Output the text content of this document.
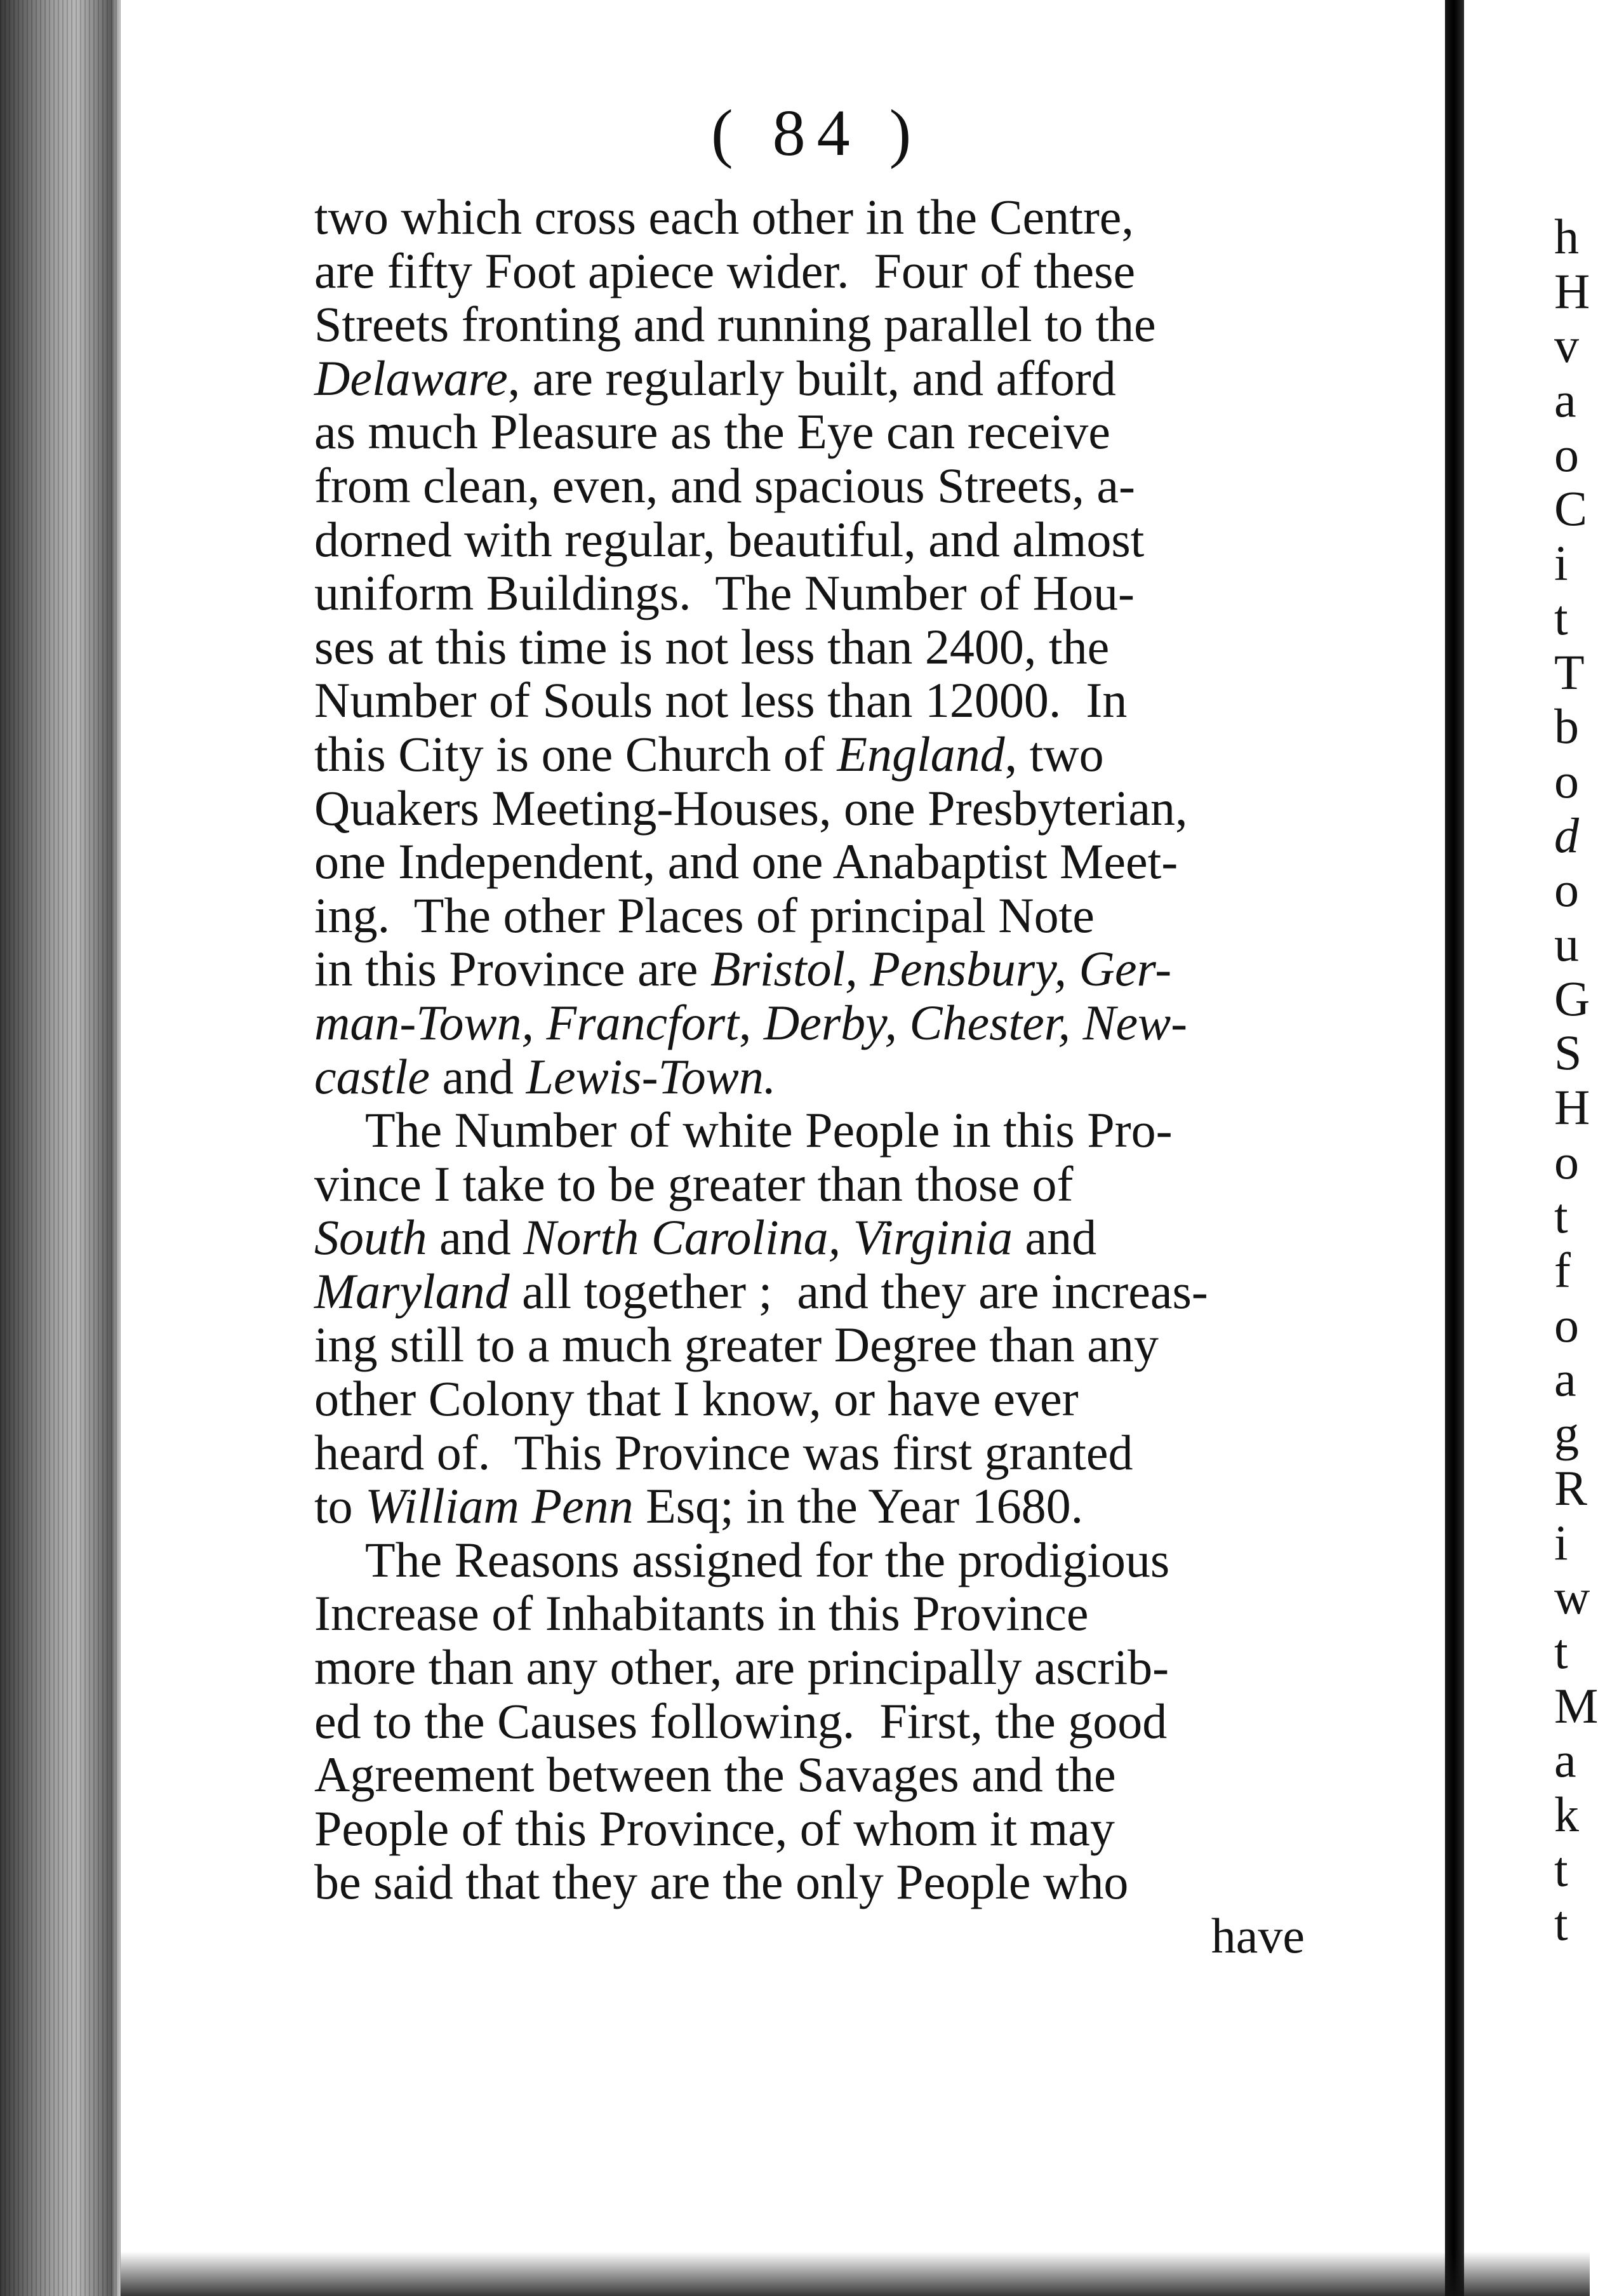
( 84 )
two which cross each other in the Centre,
are fifty Foot apiece wider.  Four of these
Streets fronting and running parallel to the
Delaware , are regularly built, and afford
as much Pleasure as the Eye can receive
from clean, even, and spacious Streets, a-
dorned with regular, beautiful, and almost
uniform Buildings.  The Number of Hou-
ses at this time is not less than 2400, the
Number of Souls not less than 12000.  In
this City is one Church of England , two
Quakers Meeting-Houses, one Presbyterian,
one Independent, and one Anabaptist Meet-
ing.  The other Places of principal Note
in this Province are Bristol, Pensbury, Ger-
man-Town, Francfort , Derby, Chester, New-
castle and Lewis-Town.
The Number of white People in this Pro-
vince I take to be greater than those of
South and North Carolina, Virginia and
Maryland all together ;  and they are increas-
ing still to a much greater Degree than any
other Colony that I know, or have ever
heard of.  This Province was first granted
to William Penn Esq; in the Year 1680.
The Reasons assigned for the prodigious
Increase of Inhabitants in this Province
more than any other, are principally ascrib-
ed to the Causes following.  First, the good
Agreement between the Savages and the
People of this Province, of whom it may
be said that they are the only People who
have
h
H
v
a
o
C
i
t
T
b
o
d
o
u
G
S
H
o
t
f
o
a
g
R
i
w
t
M
a
k
t
t
